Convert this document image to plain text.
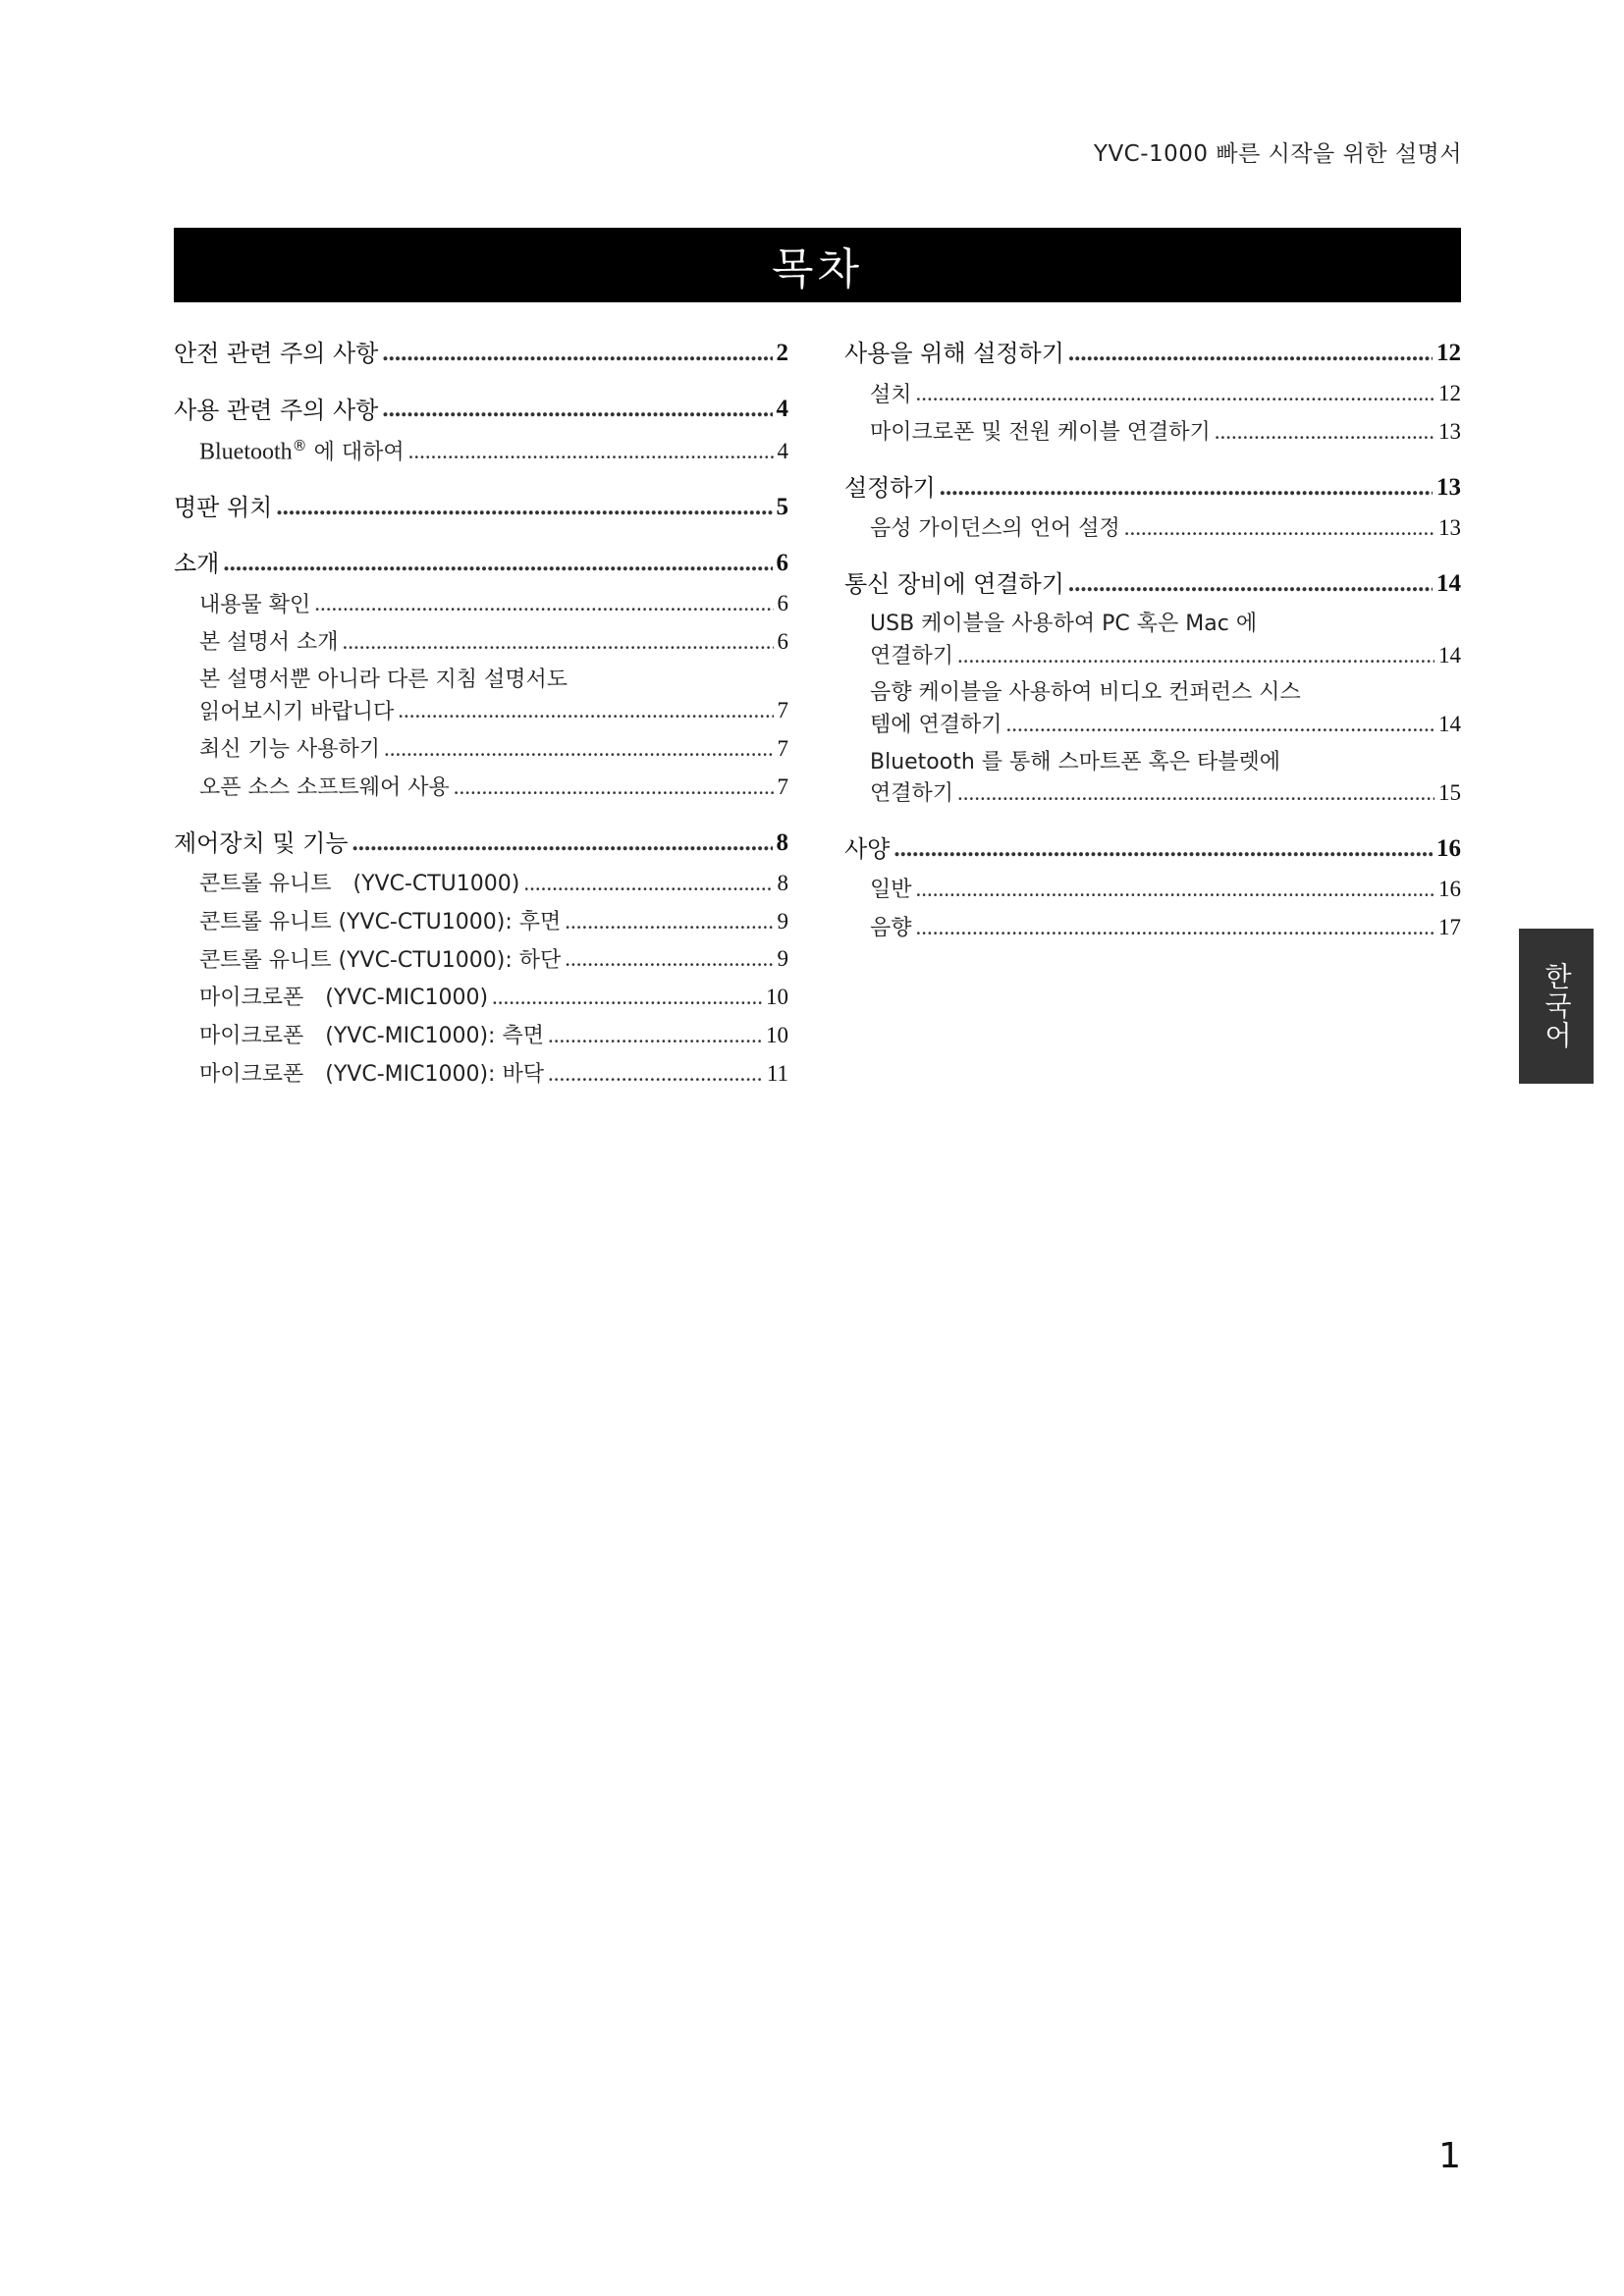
YVC-1000 빠른 시작을 위한 설명서
목차
안전 관련 주의 사항 .....	2
사용 관련 주의 사항 .....	4
Bluetooth® 에 대하여 .....	4
명판 위치 .....	5
소개 .....	6
내용물 확인 .....	6
본 설명서 소개 .....	6
본 설명서뿐 아니라 다른 지침 설명서도
읽어보시기 바랍니다 .....	7
최신 기능 사용하기 .....	7
오픈 소스 소프트웨어 사용 .....	7
제어장치 및 기능 .....	8
콘트롤 유니트　(YVC-CTU1000) .....	8
콘트롤 유니트 (YVC-CTU1000): 후면 .....	9
콘트롤 유니트 (YVC-CTU1000): 하단 .....	9
마이크로폰　(YVC-MIC1000) .....	10
마이크로폰　(YVC-MIC1000): 측면 .....	10
마이크로폰　(YVC-MIC1000): 바닥 .....	11
사용을 위해 설정하기 .....	12
설치 .....	12
마이크로폰 및 전원 케이블 연결하기 .....	13
설정하기 .....	13
음성 가이던스의 언어 설정 .....	13
통신 장비에 연결하기 .....	14
USB 케이블을 사용하여 PC 혹은 Mac 에
연결하기 .....	14
음향 케이블을 사용하여 비디오 컨퍼런스 시스
템에 연결하기 .....	14
Bluetooth 를 통해 스마트폰 혹은 타블렛에
연결하기 .....	15
사양 .....	16
일반 .....	16
음향 .....	17
한국어
1
